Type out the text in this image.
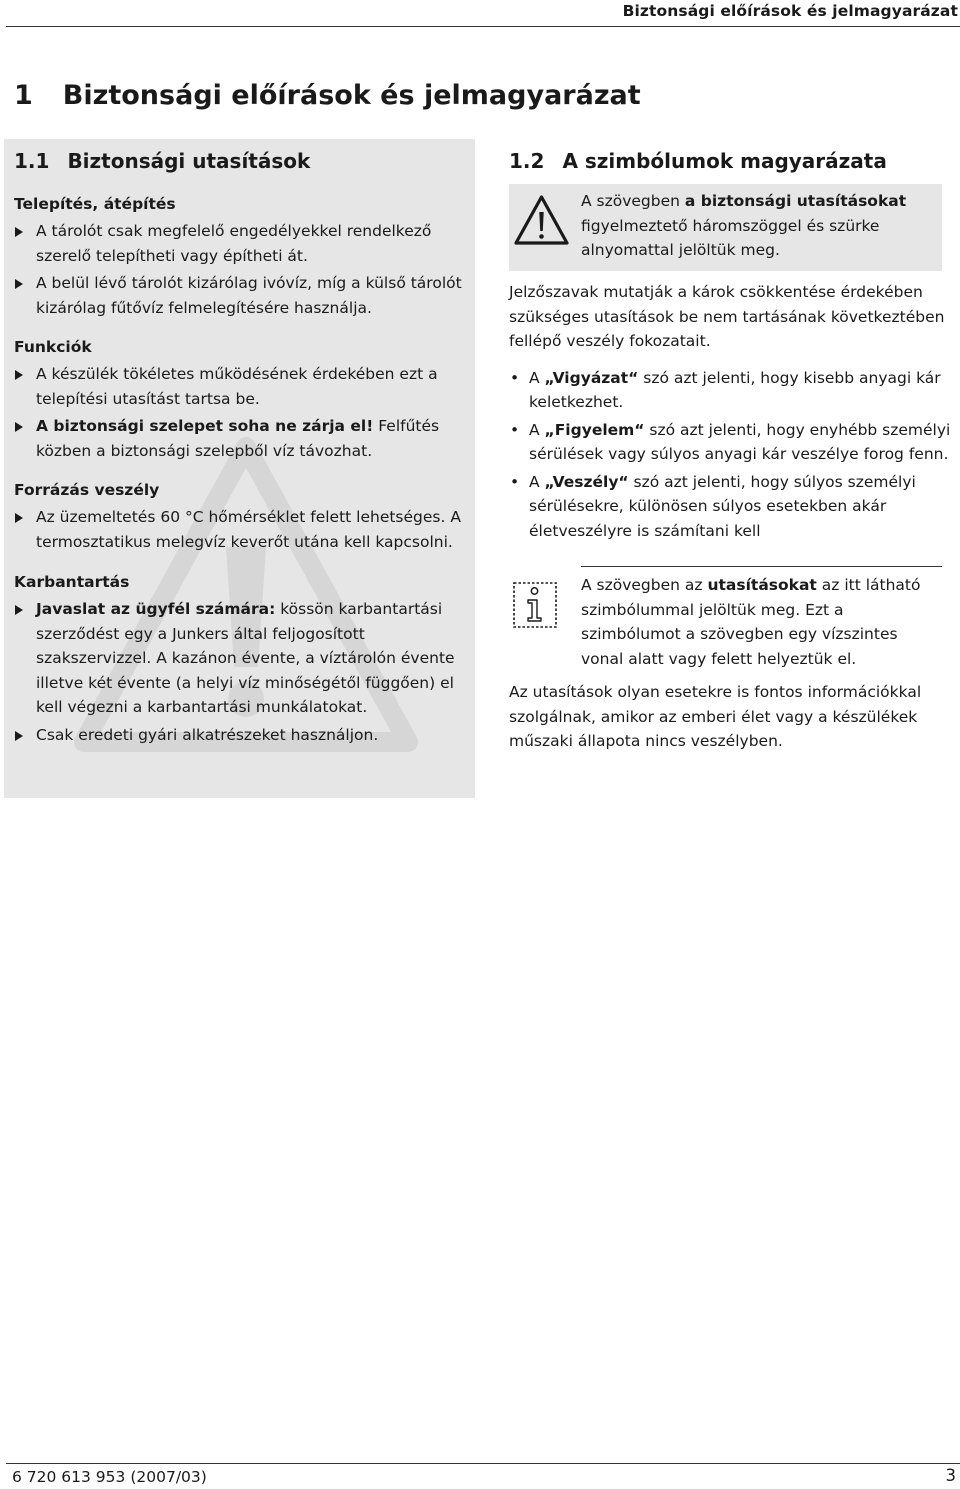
Biztonsági előírások és jelmagyarázat
1 Biztonsági előírások és jelmagyarázat
1.1 Biztonsági utasítások
Telepítés, átépítés
A tárolót csak megfelelő engedélyekkel rendelkező szerelő telepítheti vagy építheti át.
A belül lévő tárolót kizárólag ivóvíz, míg a külső tárolót kizárólag fűtővíz felmelegítésére használja.
Funkciók
A készülék tökéletes működésének érdekében ezt a telepítési utasítást tartsa be.
A biztonsági szelepet soha ne zárja el! Felfűtés közben a biztonsági szelepből víz távozhat.
Forrázás veszély
Az üzemeltetés 60 °C hőmérséklet felett lehetséges. A termosztatikus melegvíz keverőt utána kell kapcsolni.
Karbantartás
Javaslat az ügyfél számára: kössön karbantartási szerződést egy a Junkers által feljogosított szakszervizzel. A kazánon évente, a víztárolón évente illetve két évente (a helyi víz minőségétől függően) el kell végezni a karbantartási munkálatokat.
Csak eredeti gyári alkatrészeket használjon.
1.2 A szimbólumok magyarázata
A szövegben a biztonsági utasításokat figyelmeztető háromszöggel és szürke alnyomattal jelöltük meg.

Jelzőszavak mutatják a károk csökkentése érdekében szükséges utasítások be nem tartásának következtében fellépő veszély fokozatait.

• A „Vigyázat“ szó azt jelenti, hogy kisebb anyagi kár keletkezhet.
• A „Figyelem“ szó azt jelenti, hogy enyhébb személyi sérülések vagy súlyos anyagi kár veszélye forog fenn.
• A „Veszély“ szó azt jelenti, hogy súlyos személyi sérülésekre, különösen súlyos esetekben akár életveszélyre is számítani kell
A szövegben az utasításokat az itt látható szimbólummal jelöltük meg. Ezt a szimbólumot a szövegben egy vízszintes vonal alatt vagy felett helyeztük el.

Az utasítások olyan esetekre is fontos információkkal szolgálnak, amikor az emberi élet vagy a készülékek műszaki állapota nincs veszélyben.

6 720 613 953 (2007/03)	3
